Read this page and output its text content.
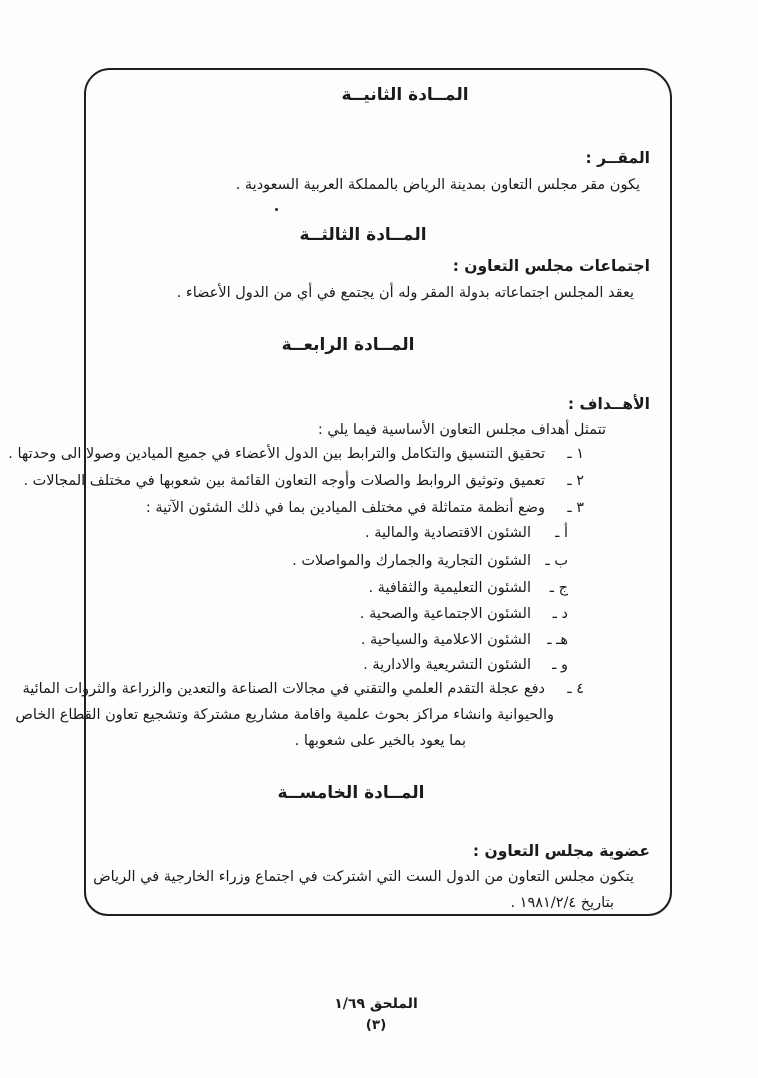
المــادة الثانيــة
المقــر :
يكون مقر مجلس التعاون بمدينة الرياض بالمملكة العربية السعودية .
المــادة الثالثــة
اجتماعات مجلس التعاون :
يعقد المجلس اجتماعاته بدولة المقر وله أن يجتمع في أي من الدول الأعضاء .
المــادة الرابعــة
الأهــداف :
تتمثل أهداف مجلس التعاون الأساسية فيما يلي :
١ ـتحقيق التنسيق والتكامل والترابط بين الدول الأعضاء في جميع الميادين وصولا الى وحدتها .
٢ ـتعميق وتوثيق الروابط والصلات وأوجه التعاون القائمة بين شعوبها في مختلف المجالات .
٣ ـوضع أنظمة متماثلة في مختلف الميادين بما في ذلك الشئون الآتية :
أ ـالشئون الاقتصادية والمالية .
ب ـالشئون التجارية والجمارك والمواصلات .
ج ـالشئون التعليمية والثقافية .
د ـالشئون الاجتماعية والصحية .
هـ ـالشئون الاعلامية والسياحية .
و ـالشئون التشريعية والادارية .
٤ ـدفع عجلة التقدم العلمي والتقني في مجالات الصناعة والتعدين والزراعة والثروات المائية
والحيوانية وانشاء مراكز بحوث علمية واقامة مشاريع مشتركة وتشجيع تعاون القطاع الخاص
بما يعود بالخير على شعوبها .
المــادة الخامســة
عضوية مجلس التعاون :
يتكون مجلس التعاون من الدول الست التي اشتركت في اجتماع وزراء الخارجية في الرياض
بتاريخ ١٩٨١/٢/٤ .
الملحق ١/٦٩
(٣)
